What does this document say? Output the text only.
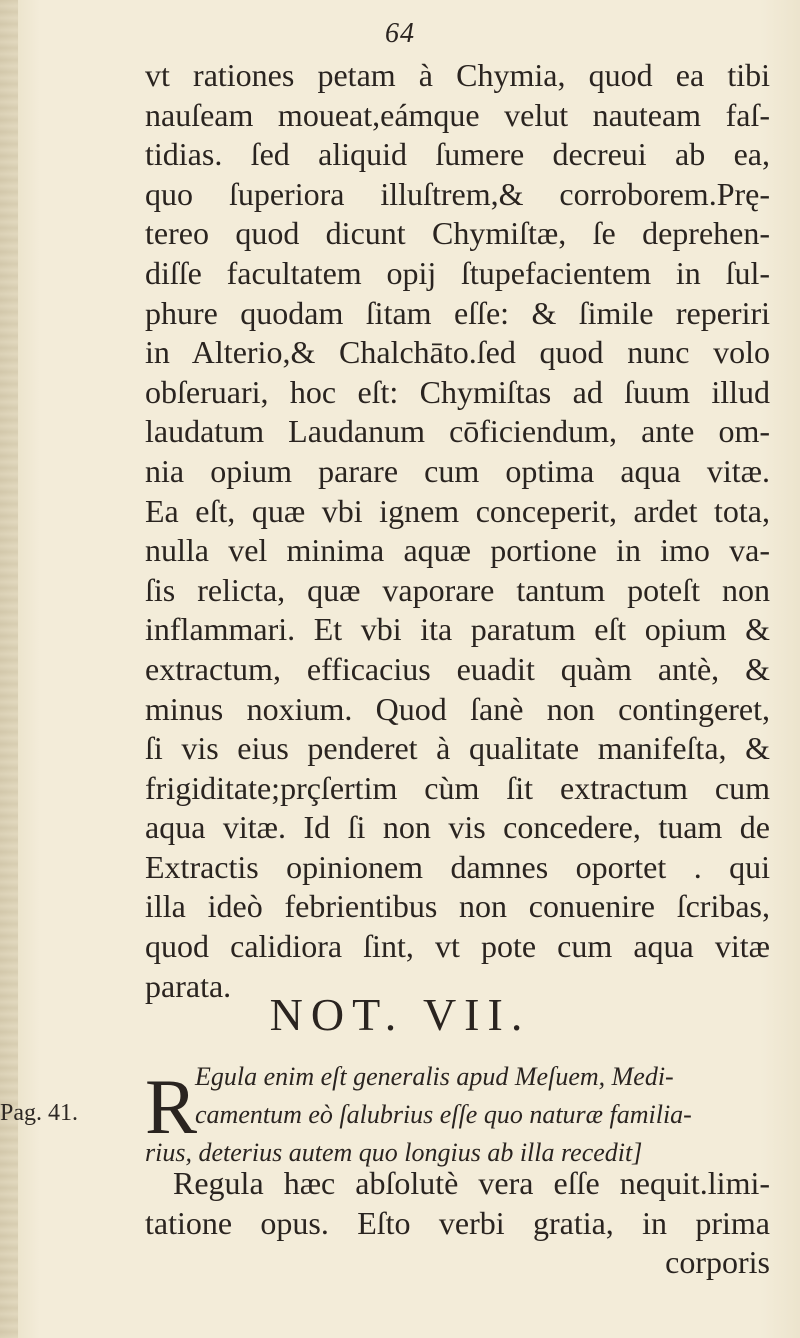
64
vt rationes petam à Chymia, quod ea tibi
nauſeam moueat,eámque velut nauteam faſ-
tidias. ſed aliquid ſumere decreui ab ea,
quo ſuperiora illuſtrem,& corroborem.Prę-
tereo quod dicunt Chymiſtæ, ſe deprehen-
diſſe facultatem opij ſtupefacientem in ſul-
phure quodam ſitam eſſe: & ſimile reperiri
in Alterio,& Chalchāto.ſed quod nunc volo
obſeruari, hoc eſt: Chymiſtas ad ſuum illud
laudatum Laudanum cōficiendum, ante om-
nia opium parare cum optima aqua vitæ.
Ea eſt, quæ vbi ignem conceperit, ardet tota,
nulla vel minima aquæ portione in imo va-
ſis relicta, quæ vaporare tantum poteſt non
inflammari. Et vbi ita paratum eſt opium &
extractum, efficacius euadit quàm antè, &
minus noxium. Quod ſanè non contingeret,
ſi vis eius penderet à qualitate manifeſta, &
frigiditate;prçſertim cùm ſit extractum cum
aqua vitæ. Id ſi non vis concedere, tuam de
Extractis opinionem damnes oportet . qui
illa ideò febrientibus non conuenire ſcribas,
quod calidiora ſint, vt pote cum aqua vitæ
parata.
NOT. VII.
Pag. 41. R
Egula enim eſt generalis apud Meſuem, Medi-
camentum eò ſalubrius eſſe quo naturæ familia-
rius, deterius autem quo longius ab illa recedit]
Regula hæc abſolutè vera eſſe nequit.limi-
tatione opus. Eſto verbi gratia, in prima
corporis
